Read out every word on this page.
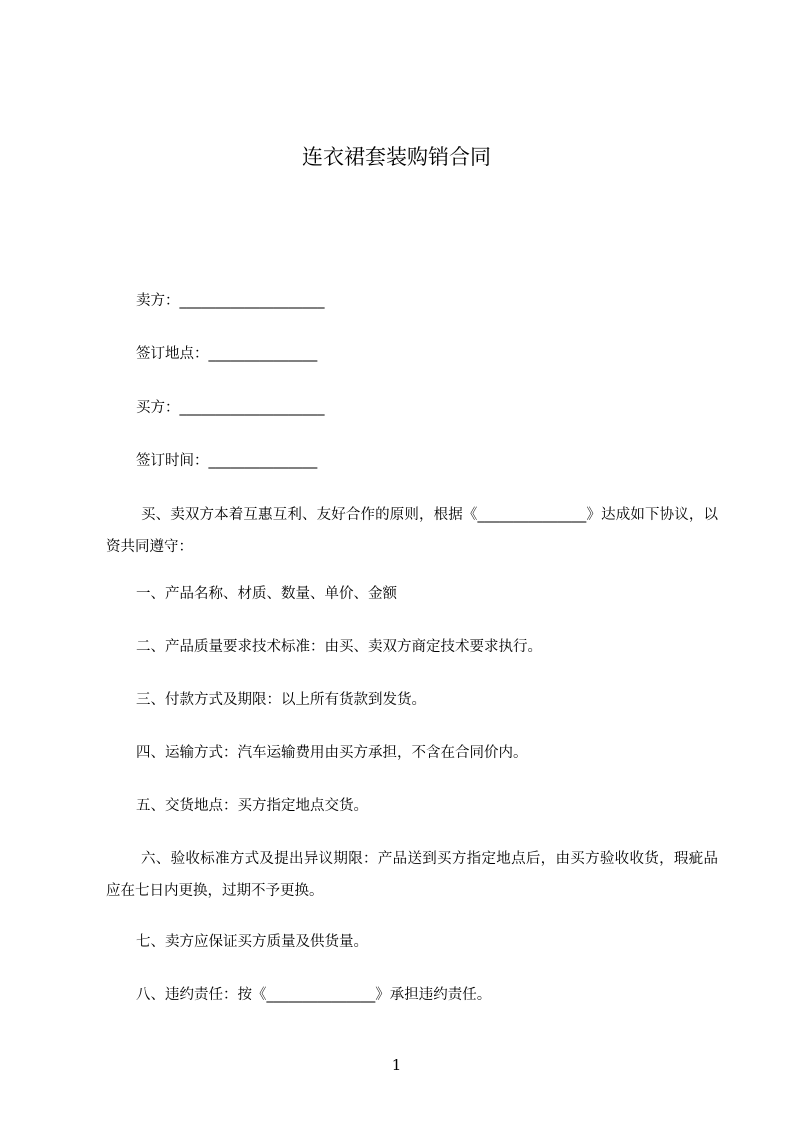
连衣裙套装购销合同
卖方：____________________
签订地点：_______________
买方：____________________
签订时间：_______________
买、卖双方本着互惠互利、友好合作的原则，根据《_______________》达成如下协议，以资共同遵守：
一、产品名称、材质、数量、单价、金额
二、产品质量要求技术标准：由买、卖双方商定技术要求执行。
三、付款方式及期限：以上所有货款到发货。
四、运输方式：汽车运输费用由买方承担，不含在合同价内。
五、交货地点：买方指定地点交货。
六、验收标准方式及提出异议期限：产品送到买方指定地点后，由买方验收收货，瑕疵品应在七日内更换，过期不予更换。
七、卖方应保证买方质量及供货量。
八、违约责任：按《_______________》承担违约责任。
1
